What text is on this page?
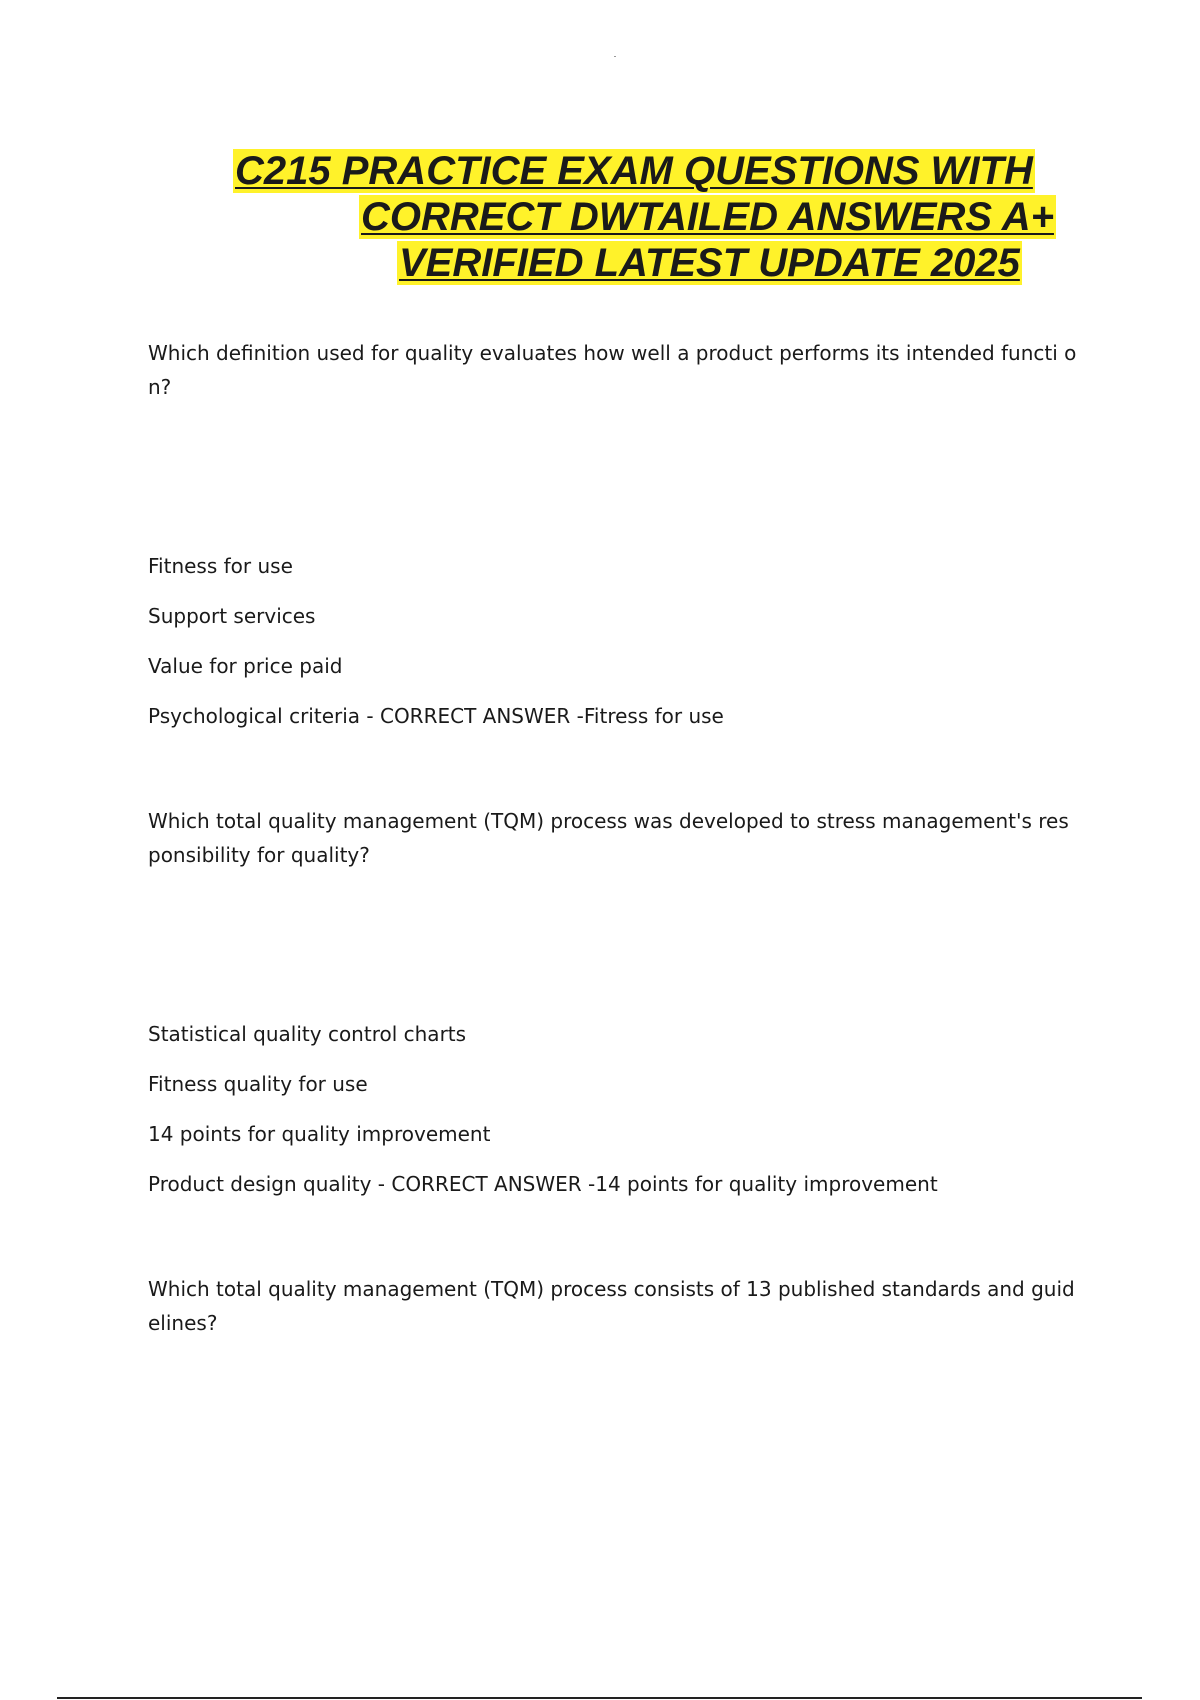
C215 PRACTICE EXAM QUESTIONS WITH
CORRECT DWTAILED ANSWERS A+
VERIFIED LATEST UPDATE 2025

Which definition used for quality evaluates how well a product performs its intended functi on?

Fitness for use
Support services
Value for price paid
Psychological criteria - CORRECT ANSWER -Fitress for use

Which total quality management (TQM) process was developed to stress management's res ponsibility for quality?

Statistical quality control charts
Fitness quality for use
14 points for quality improvement
Product design quality - CORRECT ANSWER -14 points for quality improvement

Which total quality management (TQM) process consists of 13 published standards and guid elines?
